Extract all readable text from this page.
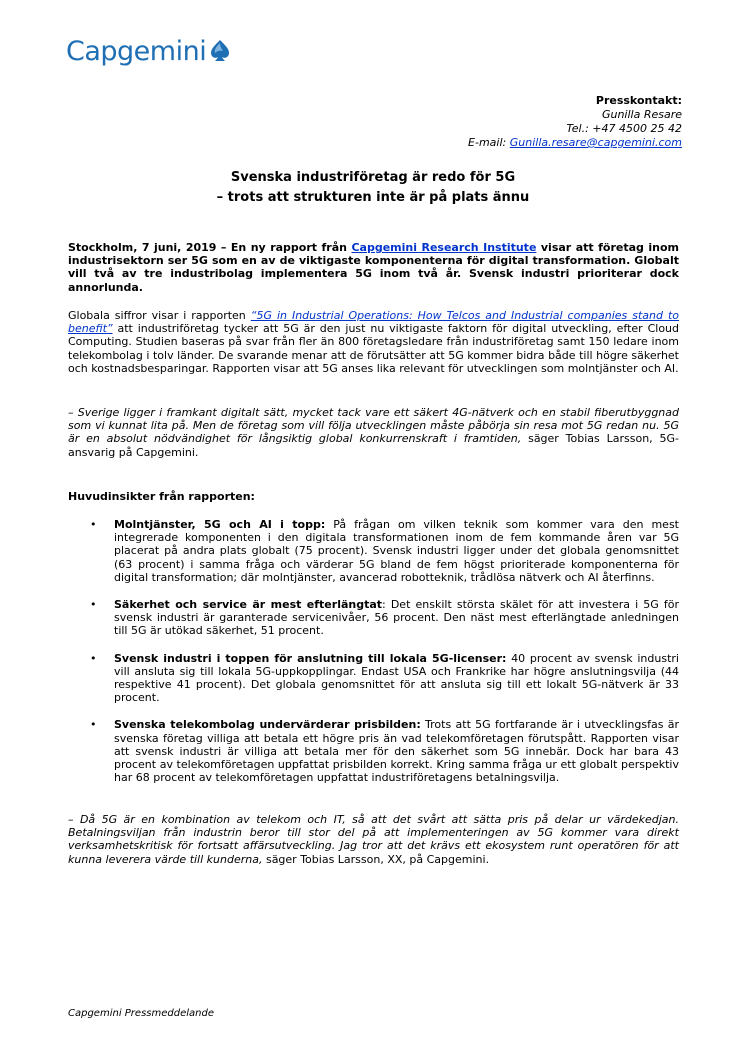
Capgemini
Presskontakt:
Gunilla Resare
Tel.: +47 4500 25 42
E-mail: Gunilla.resare@capgemini.com
Svenska industriföretag är redo för 5G
– trots att strukturen inte är på plats ännu
Stockholm, 7 juni, 2019 – En ny rapport från Capgemini Research Institute visar att företag inom industrisektorn ser 5G som en av de viktigaste komponenterna för digital transformation. Globalt vill två av tre industribolag implementera 5G inom två år. Svensk industri prioriterar dock annorlunda.
Globala siffror visar i rapporten “5G in Industrial Operations: How Telcos and Industrial companies stand to benefit” att industriföretag tycker att 5G är den just nu viktigaste faktorn för digital utveckling, efter Cloud Computing. Studien baseras på svar från fler än 800 företagsledare från industriföretag samt 150 ledare inom telekombolag i tolv länder. De svarande menar att de förutsätter att 5G kommer bidra både till högre säkerhet och kostnadsbesparingar. Rapporten visar att 5G anses lika relevant för utvecklingen som molntjänster och AI.
– Sverige ligger i framkant digitalt sätt, mycket tack vare ett säkert 4G-nätverk och en stabil fiberutbyggnad som vi kunnat lita på. Men de företag som vill följa utvecklingen måste påbörja sin resa mot 5G redan nu. 5G är en absolut nödvändighet för långsiktig global konkurrenskraft i framtiden, säger Tobias Larsson, 5G-ansvarig på Capgemini.
Huvudinsikter från rapporten:
• Molntjänster, 5G och AI i topp: På frågan om vilken teknik som kommer vara den mest integrerade komponenten i den digitala transformationen inom de fem kommande åren var 5G placerat på andra plats globalt (75 procent). Svensk industri ligger under det globala genomsnittet (63 procent) i samma fråga och värderar 5G bland de fem högst prioriterade komponenterna för digital transformation; där molntjänster, avancerad robotteknik, trådlösa nätverk och AI återfinns.
• Säkerhet och service är mest efterlängtat: Det enskilt största skälet för att investera i 5G för svensk industri är garanterade servicenivåer, 56 procent. Den näst mest efterlängtade anledningen till 5G är utökad säkerhet, 51 procent.
• Svensk industri i toppen för anslutning till lokala 5G-licenser: 40 procent av svensk industri vill ansluta sig till lokala 5G-uppkopplingar. Endast USA och Frankrike har högre anslutningsvilja (44 respektive 41 procent). Det globala genomsnittet för att ansluta sig till ett lokalt 5G-nätverk är 33 procent.
• Svenska telekombolag undervärderar prisbilden: Trots att 5G fortfarande är i utvecklingsfas är svenska företag villiga att betala ett högre pris än vad telekomföretagen förutspått. Rapporten visar att svensk industri är villiga att betala mer för den säkerhet som 5G innebär. Dock har bara 43 procent av telekomföretagen uppfattat prisbilden korrekt. Kring samma fråga ur ett globalt perspektiv har 68 procent av telekomföretagen uppfattat industriföretagens betalningsvilja.
– Då 5G är en kombination av telekom och IT, så att det svårt att sätta pris på delar ur värdekedjan. Betalningsviljan från industrin beror till stor del på att implementeringen av 5G kommer vara direkt verksamhetskritisk för fortsatt affärsutveckling. Jag tror att det krävs ett ekosystem runt operatören för att kunna leverera värde till kunderna, säger Tobias Larsson, XX, på Capgemini.
Capgemini Pressmeddelande
